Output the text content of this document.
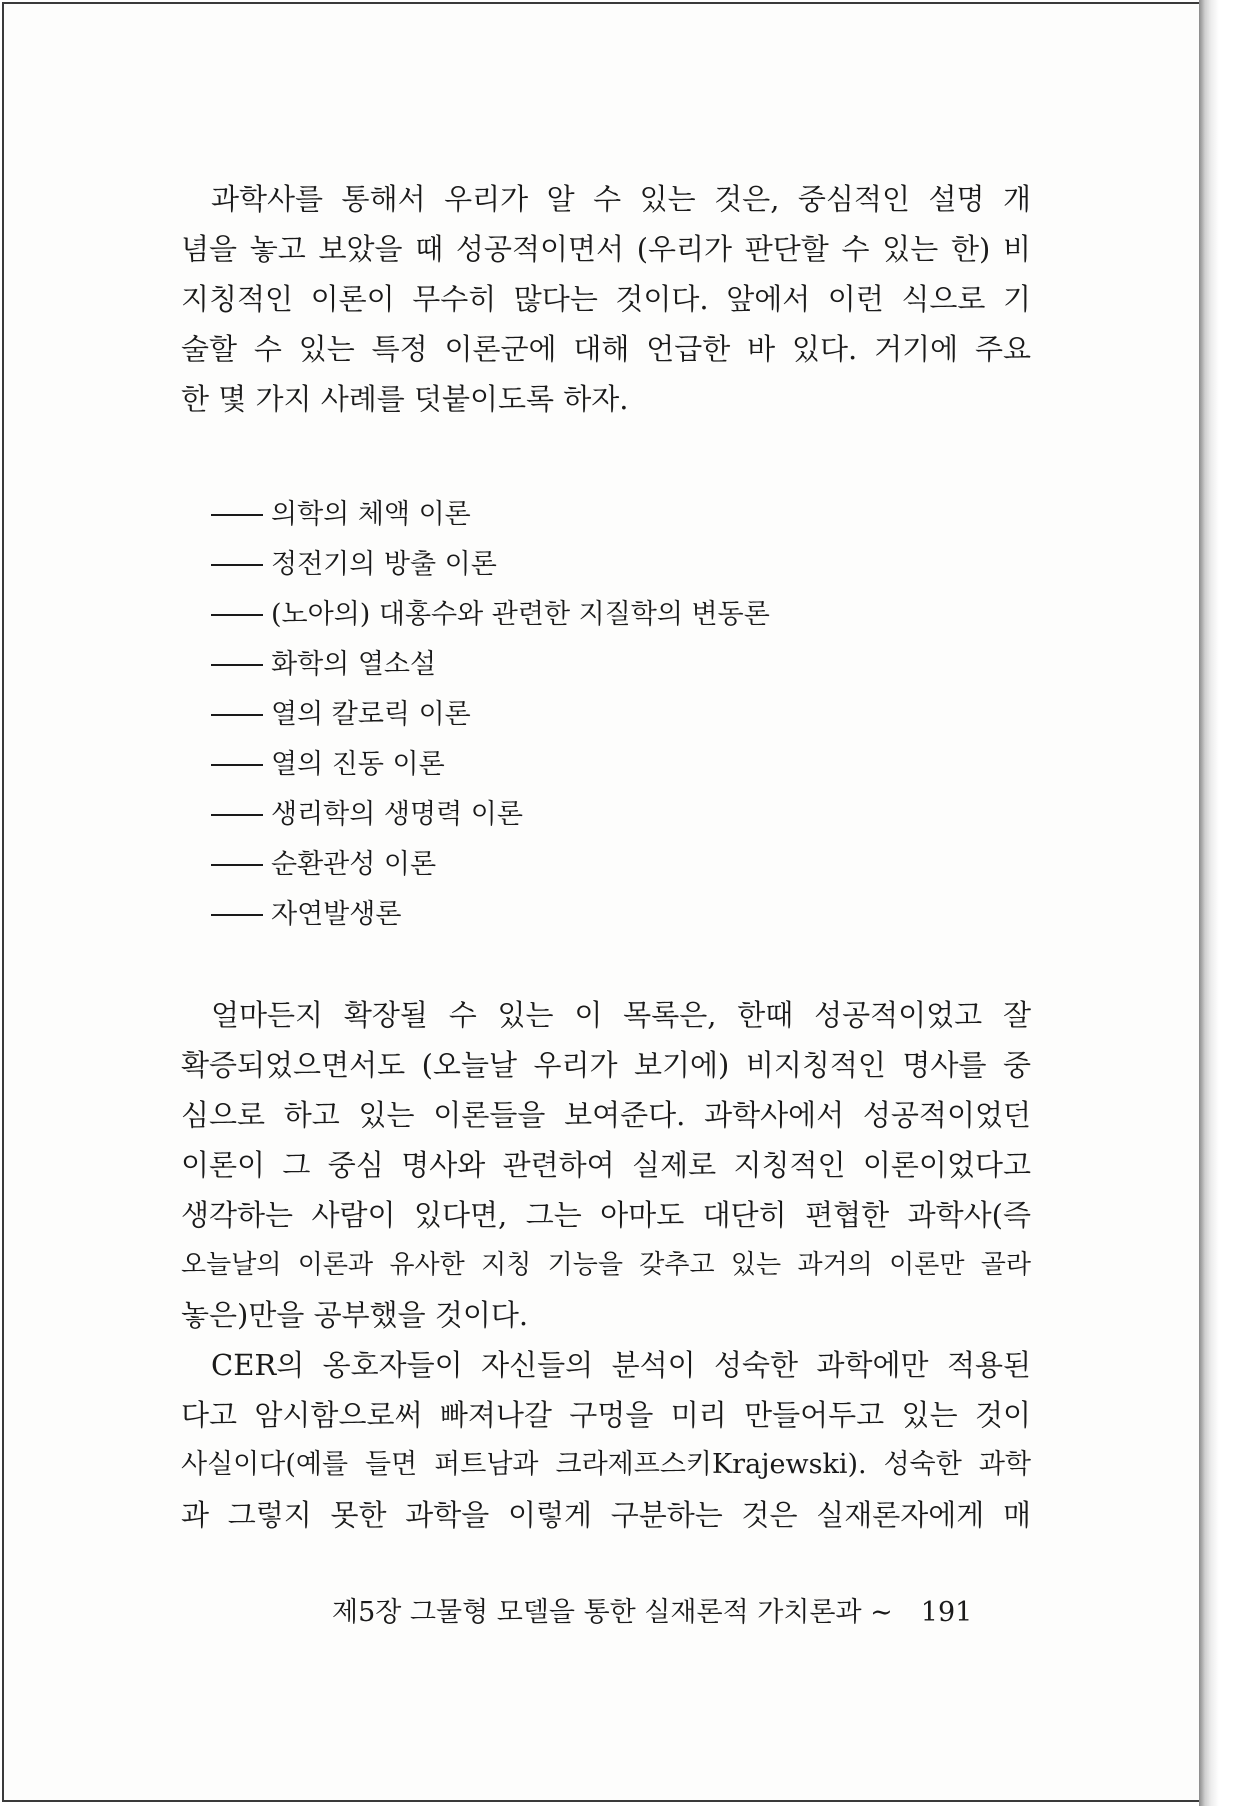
과학사를 통해서 우리가 알 수 있는 것은, 중심적인 설명 개
념을 놓고 보았을 때 성공적이면서 (우리가 판단할 수 있는 한) 비
지칭적인 이론이 무수히 많다는 것이다. 앞에서 이런 식으로 기
술할 수 있는 특정 이론군에 대해 언급한 바 있다. 거기에 주요
한 몇 가지 사례를 덧붙이도록 하자.
의학의 체액 이론
정전기의 방출 이론
(노아의) 대홍수와 관련한 지질학의 변동론
화학의 열소설
열의 칼로릭 이론
열의 진동 이론
생리학의 생명력 이론
순환관성 이론
자연발생론
얼마든지 확장될 수 있는 이 목록은, 한때 성공적이었고 잘
확증되었으면서도 (오늘날 우리가 보기에) 비지칭적인 명사를 중
심으로 하고 있는 이론들을 보여준다. 과학사에서 성공적이었던
이론이 그 중심 명사와 관련하여 실제로 지칭적인 이론이었다고
생각하는 사람이 있다면, 그는 아마도 대단히 편협한 과학사(즉
오늘날의 이론과 유사한 지칭 기능을 갖추고 있는 과거의 이론만 골라
놓은)만을 공부했을 것이다.
CER의 옹호자들이 자신들의 분석이 성숙한 과학에만 적용된
다고 암시함으로써 빠져나갈 구멍을 미리 만들어두고 있는 것이
사실이다(예를 들면 퍼트남과 크라제프스키Krajewski). 성숙한 과학
과 그렇지 못한 과학을 이렇게 구분하는 것은 실재론자에게 매
제5장 그물형 모델을 통한 실재론적 가치론과 ∼ 191
